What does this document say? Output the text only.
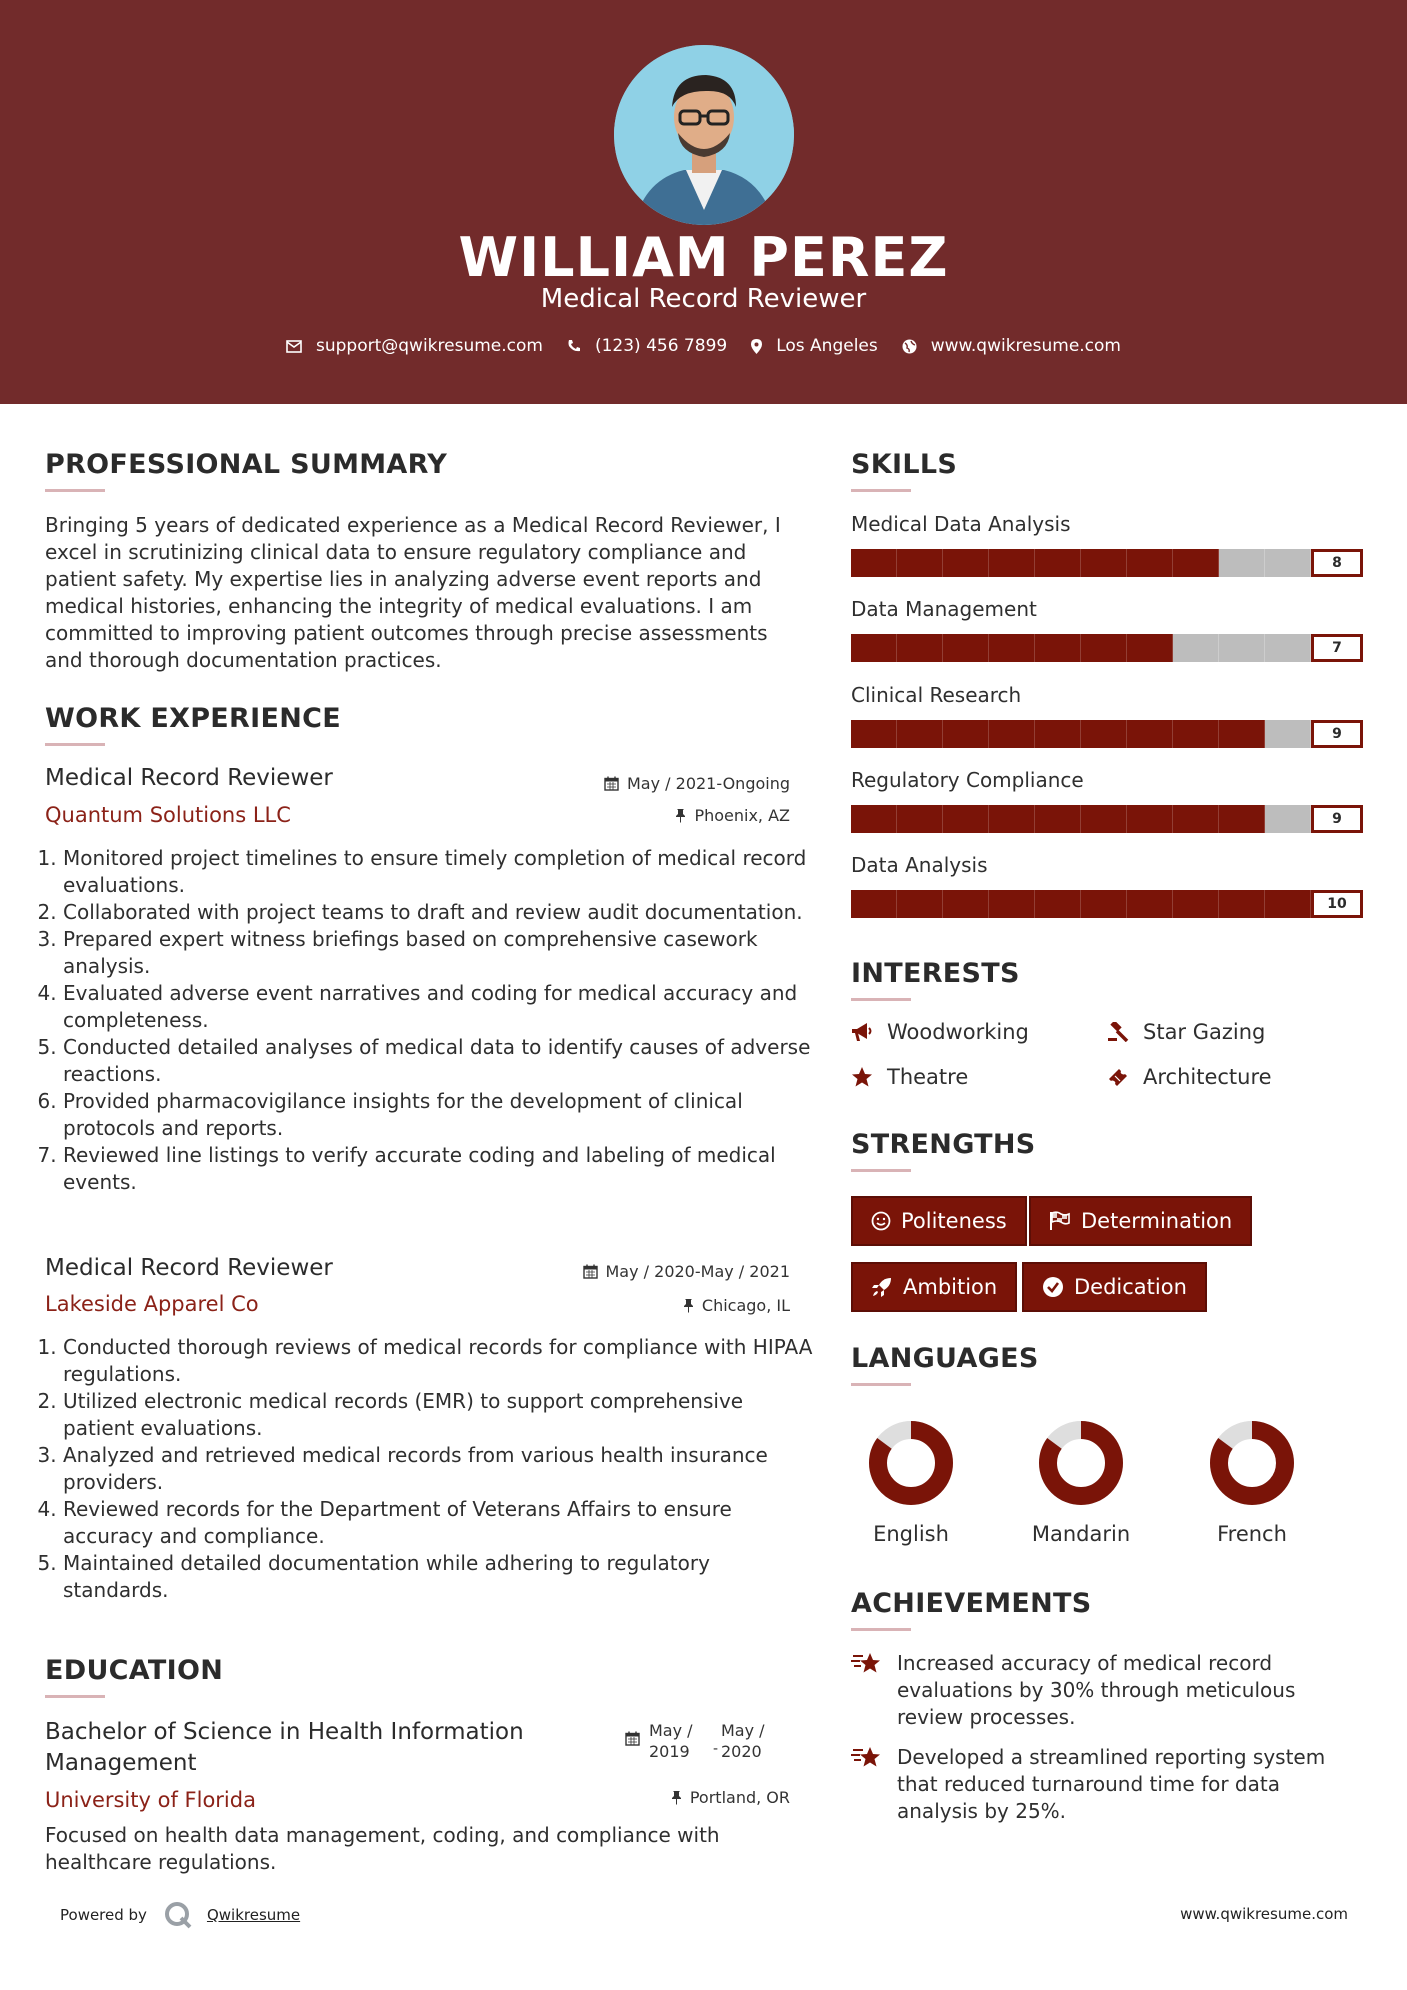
WILLIAM PEREZ
Medical Record Reviewer
support@qwikresume.com	(123) 456 7899	Los Angeles	www.qwikresume.com
PROFESSIONAL SUMMARY
Bringing 5 years of dedicated experience as a Medical Record Reviewer, I excel in scrutinizing clinical data to ensure regulatory compliance and patient safety. My expertise lies in analyzing adverse event reports and medical histories, enhancing the integrity of medical evaluations. I am committed to improving patient outcomes through precise assessments and thorough documentation practices.
WORK EXPERIENCE
Medical Record Reviewer	May / 2021-Ongoing
Quantum Solutions LLC	Phoenix, AZ
1. Monitored project timelines to ensure timely completion of medical record evaluations.
2. Collaborated with project teams to draft and review audit documentation.
3. Prepared expert witness briefings based on comprehensive casework analysis.
4. Evaluated adverse event narratives and coding for medical accuracy and completeness.
5. Conducted detailed analyses of medical data to identify causes of adverse reactions.
6. Provided pharmacovigilance insights for the development of clinical protocols and reports.
7. Reviewed line listings to verify accurate coding and labeling of medical events.
Medical Record Reviewer	May / 2020-May / 2021
Lakeside Apparel Co	Chicago, IL
1. Conducted thorough reviews of medical records for compliance with HIPAA regulations.
2. Utilized electronic medical records (EMR) to support comprehensive patient evaluations.
3. Analyzed and retrieved medical records from various health insurance providers.
4. Reviewed records for the Department of Veterans Affairs to ensure accuracy and compliance.
5. Maintained detailed documentation while adhering to regulatory standards.
EDUCATION
Bachelor of Science in Health Information Management
May /
2019 -
May /
2020
University of Florida	Portland, OR
Focused on health data management, coding, and compliance with healthcare regulations.
SKILLS
Medical Data Analysis
8
Data Management
7
Clinical Research
9
Regulatory Compliance
9
Data Analysis
10
INTERESTS
Woodworking	Star Gazing
Theatre	Architecture
STRENGTHS
Politeness	Determination
Ambition	Dedication
LANGUAGES
English	Mandarin	French
ACHIEVEMENTS
Increased accuracy of medical record evaluations by 30% through meticulous review processes.
Developed a streamlined reporting system that reduced turnaround time for data analysis by 25%.
Powered by	Qwikresume	www.qwikresume.com
